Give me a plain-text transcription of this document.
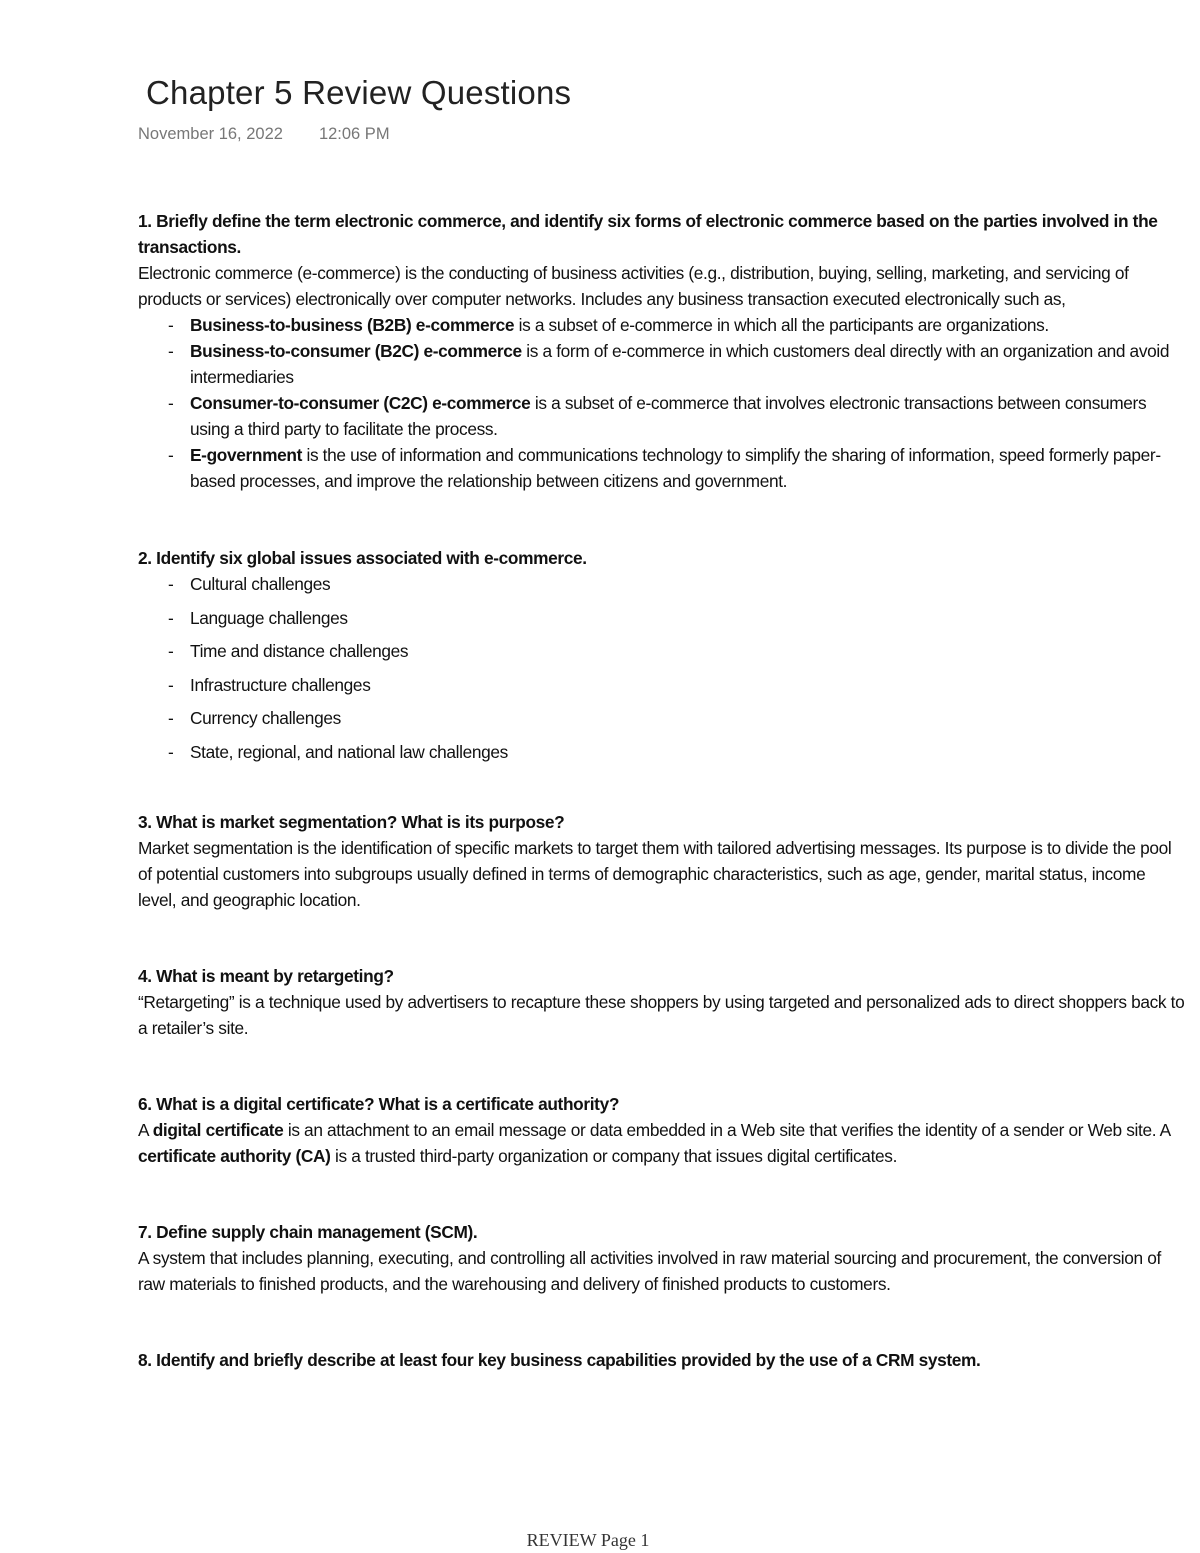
Chapter 5 Review Questions
November 16, 2022 12:06 PM

1. Briefly define the term electronic commerce, and identify six forms of electronic commerce based on the parties involved in the transactions.

Electronic commerce (e-commerce) is the conducting of business activities (e.g., distribution, buying, selling, marketing, and servicing of products or services) electronically over computer networks. Includes any business transaction executed electronically such as,

- Business-to-business (B2B) e-commerce is a subset of e-commerce in which all the participants are organizations.
- Business-to-consumer (B2C) e-commerce is a form of e-commerce in which customers deal directly with an organization and avoid intermediaries
- Consumer-to-consumer (C2C) e-commerce is a subset of e-commerce that involves electronic transactions between consumers using a third party to facilitate the process.
- E-government is the use of information and communications technology to simplify the sharing of information, speed formerly paper-based processes, and improve the relationship between citizens and government.

2. Identify six global issues associated with e-commerce.

- Cultural challenges
- Language challenges
- Time and distance challenges
- Infrastructure challenges
- Currency challenges
- State, regional, and national law challenges

3. What is market segmentation? What is its purpose?

Market segmentation is the identification of specific markets to target them with tailored advertising messages. Its purpose is to divide the pool of potential customers into subgroups usually defined in terms of demographic characteristics, such as age, gender, marital status, income level, and geographic location.

4. What is meant by retargeting?

“Retargeting” is a technique used by advertisers to recapture these shoppers by using targeted and personalized ads to direct shoppers back to a retailer’s site.

6. What is a digital certificate? What is a certificate authority?

A digital certificate is an attachment to an email message or data embedded in a Web site that verifies the identity of a sender or Web site. A certificate authority (CA) is a trusted third-party organization or company that issues digital certificates.

7. Define supply chain management (SCM).

A system that includes planning, executing, and controlling all activities involved in raw material sourcing and procurement, the conversion of raw materials to finished products, and the warehousing and delivery of finished products to customers.

8. Identify and briefly describe at least four key business capabilities provided by the use of a CRM system.

REVIEW Page 1
